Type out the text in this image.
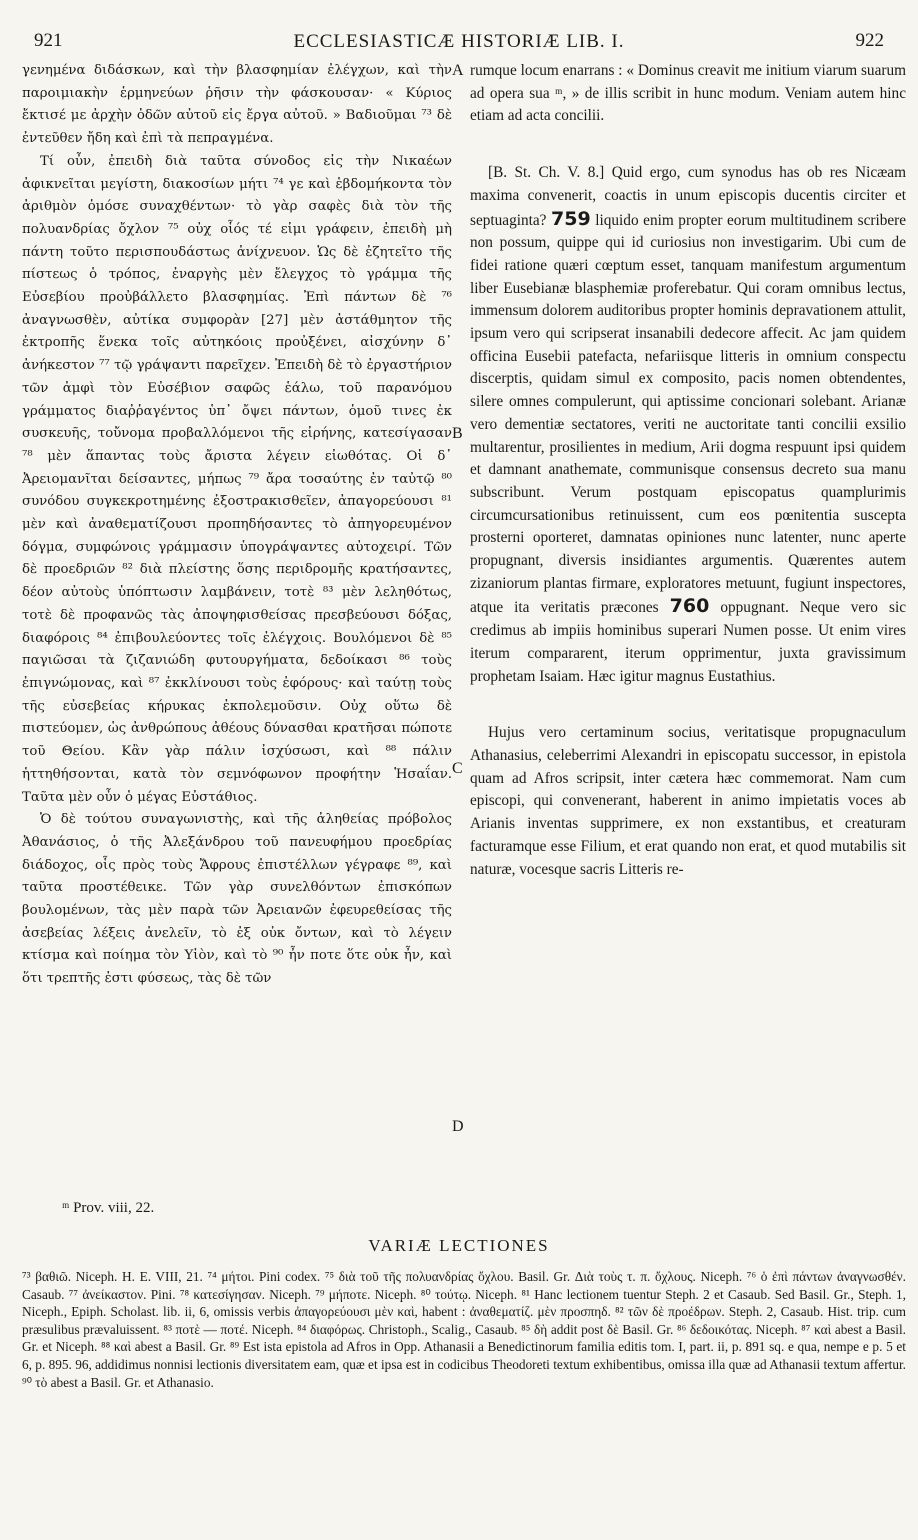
921	ECCLESIASTICÆ HISTORIÆ LIB. I.	922
A
B
C
D

γενημένα διδάσκων, καὶ τὴν βλασφημίαν ἐλέγχων, καὶ τὴν παροιμιακὴν ἑρμηνεύων ῥῆσιν τὴν φάσκουσαν· « Κύριος ἔκτισέ με ἀρχὴν ὁδῶν αὐτοῦ εἰς ἔργα αὐτοῦ. » Βαδιοῦμαι ⁷³ δὲ ἐντεῦθεν ἤδη καὶ ἐπὶ τὰ πεπραγμένα.

Τί οὖν, ἐπειδὴ διὰ ταῦτα σύνοδος εἰς τὴν Νικαέων ἀφικνεῖται μεγίστη, διακοσίων μήτι ⁷⁴ γε καὶ ἑβδομήκοντα τὸν ἀριθμὸν ὁμόσε συναχθέντων· τὸ γὰρ σαφὲς διὰ τὸν τῆς πολυανδρίας ὄχλον ⁷⁵ οὐχ οἷός τέ εἰμι γράφειν, ἐπειδὴ μὴ πάντη τοῦτο περισπουδάστως ἀνίχνευον. Ὡς δὲ ἐζητεῖτο τῆς πίστεως ὁ τρόπος, ἐναργὴς μὲν ἔλεγχος τὸ γράμμα τῆς Εὐσεβίου προὐβάλλετο βλασφημίας. Ἐπὶ πάντων δὲ ⁷⁶ ἀναγνωσθὲν, αὐτίκα συμφορὰν [27] μὲν ἀστάθμητον τῆς ἐκτροπῆς ἕνεκα τοῖς αὐτηκόοις προὐξένει, αἰσχύνην δ᾽ ἀνήκεστον ⁷⁷ τῷ γράψαντι παρεῖχεν. Ἐπειδὴ δὲ τὸ ἐργαστήριον τῶν ἀμφὶ τὸν Εὐσέβιον σαφῶς ἑάλω, τοῦ παρανόμου γράμματος διαῤῥαγέντος ὑπ᾽ ὄψει πάντων, ὁμοῦ τινες ἐκ συσκευῆς, τοὔνομα προβαλλόμενοι τῆς εἰρήνης, κατεσίγασαν ⁷⁸ μὲν ἅπαντας τοὺς ἄριστα λέγειν εἰωθότας. Οἱ δ᾽ Ἀρειομανῖται δείσαντες, μήπως ⁷⁹ ἄρα τοσαύτης ἐν ταὐτῷ ⁸⁰ συνόδου συγκεκροτημένης ἐξοστρακισθεῖεν, ἀπαγορεύουσι ⁸¹ μὲν καὶ ἀναθεματίζουσι προπηδήσαντες τὸ ἀπηγορευμένον δόγμα, συμφώνοις γράμμασιν ὑπογράψαντες αὐτοχειρί. Τῶν δὲ προεδριῶν ⁸² διὰ πλείστης ὅσης περιδρομῆς κρατήσαντες, δέον αὐτοὺς ὑπόπτωσιν λαμβάνειν, τοτὲ ⁸³ μὲν λεληθότως, τοτὲ δὲ προφανῶς τὰς ἀποψηφισθείσας πρεσβεύουσι δόξας, διαφόροις ⁸⁴ ἐπιβουλεύοντες τοῖς ἐλέγχοις. Βουλόμενοι δὲ ⁸⁵ παγιῶσαι τὰ ζιζανιώδη φυτουργήματα, δεδοίκασι ⁸⁶ τοὺς ἐπιγνώμονας, καὶ ⁸⁷ ἐκκλίνουσι τοὺς ἐφόρους· καὶ ταύτῃ τοὺς τῆς εὐσεβείας κήρυκας ἐκπολεμοῦσιν. Οὐχ οὕτω δὲ πιστεύομεν, ὡς ἀνθρώπους ἀθέους δύνασθαι κρατῆσαι πώποτε τοῦ Θείου. Κἂν γὰρ πάλιν ἰσχύσωσι, καὶ ⁸⁸ πάλιν ἡττηθήσονται, κατὰ τὸν σεμνόφωνον προφήτην Ἡσαΐαν. Ταῦτα μὲν οὖν ὁ μέγας Εὐστάθιος.

Ὁ δὲ τούτου συναγωνιστὴς, καὶ τῆς ἀληθείας πρόβολος Ἀθανάσιος, ὁ τῆς Ἀλεξάνδρου τοῦ πανευφήμου προεδρίας διάδοχος, οἷς πρὸς τοὺς Ἄφρους ἐπιστέλλων γέγραφε ⁸⁹, καὶ ταῦτα προστέθεικε. Τῶν γὰρ συνελθόντων ἐπισκόπων βουλομένων, τὰς μὲν παρὰ τῶν Ἀρειανῶν ἐφευρεθείσας τῆς ἀσεβείας λέξεις ἀνελεῖν, τὸ ἐξ οὐκ ὄντων, καὶ τὸ λέγειν κτίσμα καὶ ποίημα τὸν Υἱὸν, καὶ τὸ ⁹⁰ ἦν ποτε ὅτε οὐκ ἦν, καὶ ὅτι τρεπτῆς ἐστι φύσεως, τὰς δὲ τῶν

rumque locum enarrans : « Dominus creavit me initium viarum suarum ad opera sua ᵐ, » de illis scribit in hunc modum. Veniam autem hinc etiam ad acta concilii.

[B. St. Ch. V. 8.] Quid ergo, cum synodus has ob res Nicæam maxima convenerit, coactis in unum episcopis ducentis circiter et septuaginta? 759 liquido enim propter eorum multitudinem scribere non possum, quippe qui id curiosius non investigarim. Ubi cum de fidei ratione quæri cœptum esset, tanquam manifestum argumentum liber Eusebianæ blasphemiæ proferebatur. Qui coram omnibus lectus, immensum dolorem auditoribus propter hominis depravationem attulit, ipsum vero qui scripserat insanabili dedecore affecit. Ac jam quidem officina Eusebii patefacta, nefariisque litteris in omnium conspectu discerptis, quidam simul ex composito, pacis nomen obtendentes, silere omnes compulerunt, qui aptissime concionari solebant. Arianæ vero dementiæ sectatores, veriti ne auctoritate tanti concilii exsilio multarentur, prosilientes in medium, Arii dogma respuunt ipsi quidem et damnant anathemate, communisque consensus decreto sua manu subscribunt. Verum postquam episcopatus quamplurimis circumcursationibus retinuissent, cum eos pœnitentia suscepta prosterni oporteret, damnatas opiniones nunc latenter, nunc aperte propugnant, diversis insidiantes argumentis. Quærentes autem zizaniorum plantas firmare, exploratores metuunt, fugiunt inspectores, atque ita veritatis præcones 760 oppugnant. Neque vero sic credimus ab impiis hominibus superari Numen posse. Ut enim vires iterum compararent, iterum opprimentur, juxta gravissimum prophetam Isaiam. Hæc igitur magnus Eustathius.

Hujus vero certaminum socius, veritatisque propugnaculum Athanasius, celeberrimi Alexandri in episcopatu successor, in epistola quam ad Afros scripsit, inter cætera hæc commemorat. Nam cum episcopi, qui convenerant, haberent in animo impietatis voces ab Arianis inventas supprimere, ex non exstantibus, et creaturam facturamque esse Filium, et erat quando non erat, et quod mutabilis sit naturæ, vocesque sacris Litteris re-

ᵐ Prov. viii, 22.
VARIÆ LECTIONES

⁷³ βαθιῶ. Niceph. H. E. VIII, 21. ⁷⁴ μήτοι. Pini codex. ⁷⁵ διὰ τοῦ τῆς πολυανδρίας ὄχλου. Basil. Gr. Διὰ τοὺς τ. π. ὄχλους. Niceph. ⁷⁶ ὁ ἐπὶ πάντων ἀναγνωσθέν. Casaub. ⁷⁷ ἀνείκαστον. Pini. ⁷⁸ κατεσίγησαν. Niceph. ⁷⁹ μήποτε. Niceph. ⁸⁰ τούτῳ. Niceph. ⁸¹ Hanc lectionem tuentur Steph. 2 et Casaub. Sed Basil. Gr., Steph. 1, Niceph., Epiph. Scholast. lib. ii, 6, omissis verbis ἀπαγορεύουσι μὲν καὶ, habent : ἀναθεματίζ. μὲν προσπηδ. ⁸² τῶν δὲ προέδρων. Steph. 2, Casaub. Hist. trip. cum præsulibus prævaluissent. ⁸³ ποτὲ — ποτέ. Niceph. ⁸⁴ διαφόρως. Christoph., Scalig., Casaub. ⁸⁵ δὴ addit post δὲ Basil. Gr. ⁸⁶ δεδοικότας. Niceph. ⁸⁷ καὶ abest a Basil. Gr. et Niceph. ⁸⁸ καὶ abest a Basil. Gr. ⁸⁹ Est ista epistola ad Afros in Opp. Athanasii a Benedictinorum familia editis tom. I, part. ii, p. 891 sq. e qua, nempe e p. 5 et 6, p. 895. 96, addidimus nonnisi lectionis diversitatem eam, quæ et ipsa est in codicibus Theodoreti textum exhibentibus, omissa illa quæ ad Athanasii textum affertur. ⁹⁰ τὸ abest a Basil. Gr. et Athanasio.
